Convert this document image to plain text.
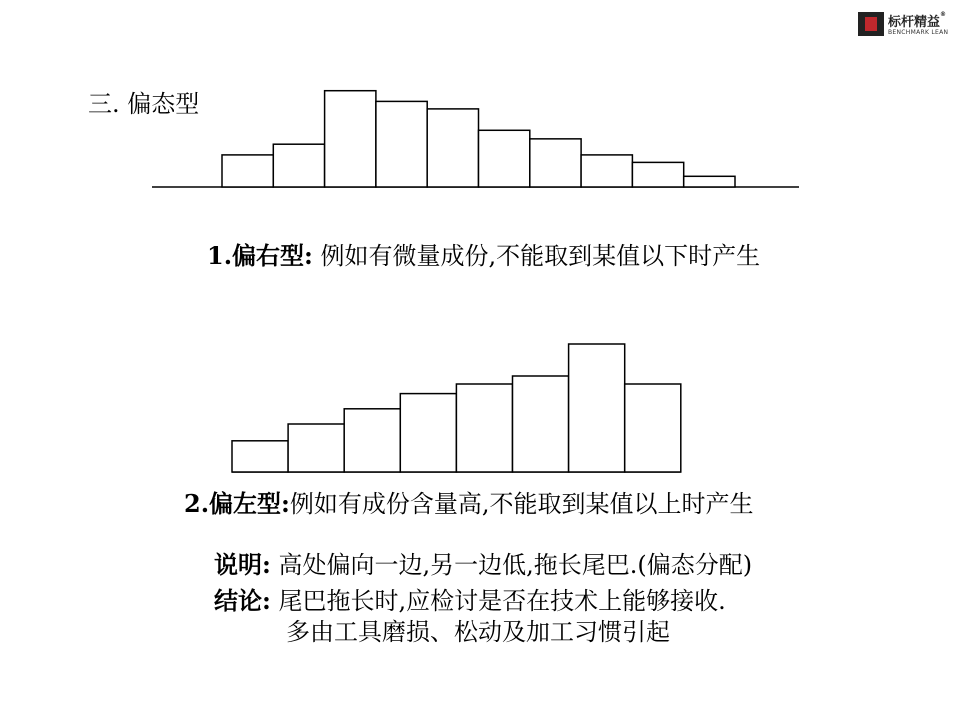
标杆精益®
BENCHMARK LEAN
三. 偏态型
1.偏右型: 例如有微量成份,不能取到某值以下时产生
2.偏左型:例如有成份含量高,不能取到某值以上时产生
说明: 高处偏向一边,另一边低,拖长尾巴.(偏态分配)
结论: 尾巴拖长时,应检讨是否在技术上能够接收.
多由工具磨损、松动及加工习惯引起
